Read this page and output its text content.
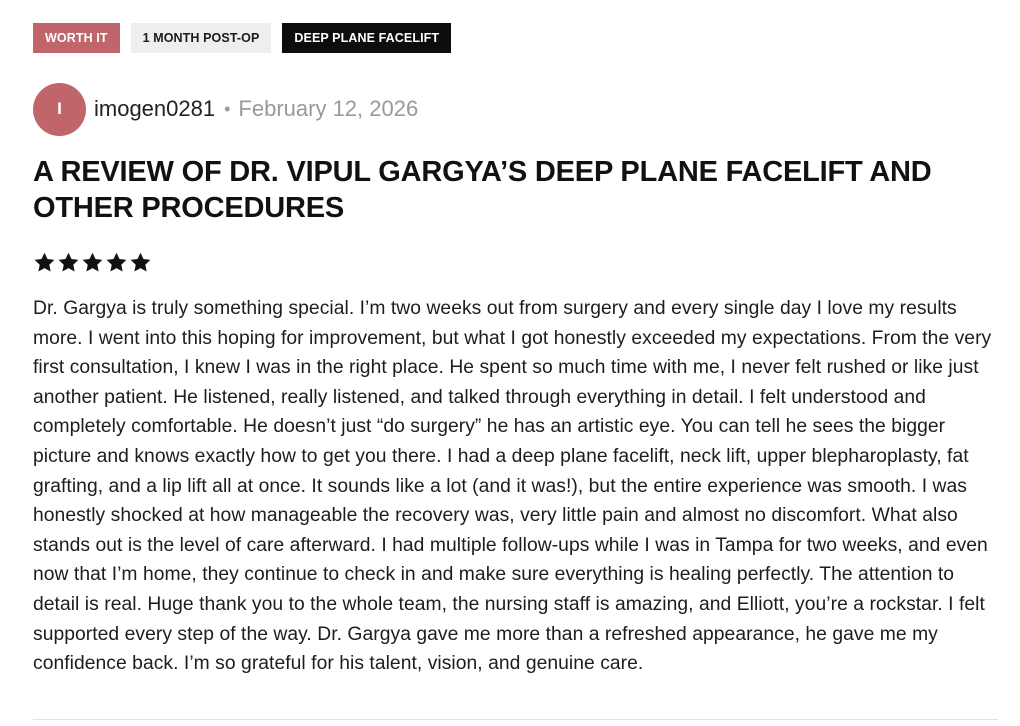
WORTH IT	1 MONTH POST-OP	DEEP PLANE FACELIFT
I	imogen0281 • February 12, 2026
A REVIEW OF DR. VIPUL GARGYA’S DEEP PLANE FACELIFT AND OTHER PROCEDURES

Dr. Gargya is truly something special. I’m two weeks out from surgery and every single day I love my results more. I went into this hoping for improvement, but what I got honestly exceeded my expectations. From the very first consultation, I knew I was in the right place. He spent so much time with me, I never felt rushed or like just another patient. He listened, really listened, and talked through everything in detail. I felt understood and completely comfortable. He doesn’t just “do surgery” he has an artistic eye. You can tell he sees the bigger picture and knows exactly how to get you there. I had a deep plane facelift, neck lift, upper blepharoplasty, fat grafting, and a lip lift all at once. It sounds like a lot (and it was!), but the entire experience was smooth. I was honestly shocked at how manageable the recovery was, very little pain and almost no discomfort. What also stands out is the level of care afterward. I had multiple follow-ups while I was in Tampa for two weeks, and even now that I’m home, they continue to check in and make sure everything is healing perfectly. The attention to detail is real. Huge thank you to the whole team, the nursing staff is amazing, and Elliott, you’re a rockstar. I felt supported every step of the way. Dr. Gargya gave me more than a refreshed appearance, he gave me my confidence back. I’m so grateful for his talent, vision, and genuine care.
